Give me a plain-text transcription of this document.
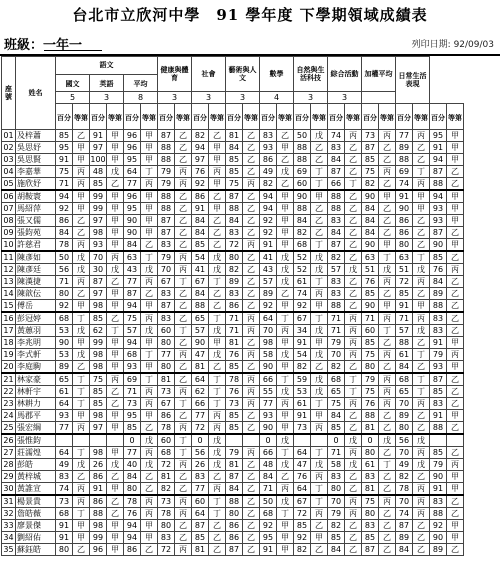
台北市立欣河中學　91 學年度 下學期領域成績表
班級：一年一	列印日期: 92/09/03
座號	姓名	語文						健康與體育		社會		藝術與人文		數學		自然與生活科技		綜合活動		加權平均		日常生活表現			
		國文		英語		平均																			
		5		3		8		3		3		3		4		3		3							
		百分	等第	百分	等第	百分	等第	百分	等第	百分	等第	百分	等第	百分	等第	百分	等第	百分	等第	百分	等第	百分	等第	百分	等第
01	及梓蕭	85	乙	91	甲	96	甲	87	乙	82	乙	81	乙	83	乙	50	戊	74	丙	73	丙	77	丙	95	甲
02	吳思妤	95	甲	97	甲	96	甲	88	乙	94	甲	84	乙	93	甲	88	乙	83	乙	87	乙	89	乙	91	甲
03	吳思賢	91	甲	100	甲	95	甲	88	乙	97	甲	85	乙	86	乙	88	乙	84	乙	85	乙	88	乙	94	甲
04	李嘉華	75	丙	48	戊	64	丁	79	丙	76	丙	85	乙	49	戊	69	丁	87	乙	75	丙	69	丁	87	乙
05	施欣妤	71	丙	85	乙	77	丙	79	丙	92	甲	75	丙	82	乙	60	丁	66	丁	82	乙	74	丙	88	乙
06	胡鞍寰	94	甲	99	甲	96	甲	88	乙	86	乙	87	乙	94	甲	90	甲	88	乙	90	甲	91	甲	94	甲
07	馬紹萍	92	甲	99	甲	95	甲	88	乙	91	甲	88	乙	94	甲	88	乙	88	乙	84	乙	90	甲	93	甲
08	張又儒	86	乙	97	甲	90	甲	87	乙	84	乙	84	乙	92	甲	84	乙	83	乙	84	乙	86	乙	93	甲
09	張鈞苑	84	乙	98	甲	90	甲	87	乙	84	乙	83	乙	92	甲	82	乙	84	乙	84	乙	86	乙	87	乙
10	許慈君	78	丙	93	甲	84	乙	83	乙	85	乙	72	丙	91	甲	68	丁	87	乙	90	甲	80	乙	90	甲
11	陳彥如	50	戊	70	丙	63	丁	79	丙	54	戊	80	乙	41	戊	52	戊	82	乙	63	丁	63	丁	85	乙
12	陳彥廷	56	戊	30	戊	43	戊	70	丙	41	戊	82	乙	43	戊	52	戊	57	戊	51	戊	51	戊	76	丙
13	陳漢捷	71	丙	87	乙	77	丙	67	丁	67	丁	89	乙	57	戊	61	丁	83	乙	76	丙	72	丙	84	乙
14	陳歆伝	80	乙	97	甲	87	乙	83	乙	84	乙	83	乙	89	乙	74	丙	83	乙	85	乙	85	乙	89	乙
15	傅岳	92	甲	98	甲	94	甲	87	乙	88	乙	86	乙	92	甲	92	甲	88	乙	90	甲	91	甲	88	乙
16	彭冠婷	68	丁	85	乙	75	丙	83	乙	65	丁	71	丙	64	丁	67	丁	71	丙	71	丙	71	丙	83	乙
17	黃蕙羽	53	戊	62	丁	57	戊	60	丁	57	戊	71	丙	70	丙	34	戊	71	丙	60	丁	57	戊	83	乙
18	李兆明	90	甲	99	甲	94	甲	80	乙	90	甲	81	乙	98	甲	91	甲	79	丙	85	乙	88	乙	91	甲
19	李式軒	53	戊	98	甲	68	丁	77	丙	47	戊	76	丙	58	戊	54	戊	70	丙	75	丙	61	丁	79	丙
20	李庭駒	89	乙	98	甲	93	甲	80	乙	81	乙	85	乙	90	甲	82	乙	82	乙	80	乙	84	乙	93	甲
21	林家豪	65	丁	75	丙	69	丁	81	乙	64	丁	78	丙	66	丁	59	戊	68	丁	79	丙	68	丁	87	乙
22	林軒宇	61	丁	85	乙	71	丙	73	丙	62	丁	76	丙	55	戊	53	戊	65	丁	75	丙	65	丁	85	乙
23	林耕力	64	丁	85	乙	73	丙	67	丁	66	丁	73	丙	77	丙	61	丁	75	丙	76	丙	70	丙	83	乙
24	馬郡平	93	甲	98	甲	95	甲	86	乙	77	丙	85	乙	93	甲	91	甲	84	乙	88	乙	89	乙	91	甲
25	張宏綱	77	丙	97	甲	85	乙	78	丙	72	丙	85	乙	90	甲	73	丙	85	乙	81	乙	80	乙	88	乙
26	張惟鈞					0	戊	60	丁	0	戊			0	戊			0	戊	0	戊	56	戊		
27	莊濡煌	64	丁	98	甲	77	丙	68	丁	56	戊	79	丙	66	丁	64	丁	71	丙	80	乙	70	丙	85	乙
28	彭皓	49	戊	26	戊	40	戊	72	丙	26	戊	81	乙	48	戊	47	戊	58	戊	61	丁	49	戊	79	丙
29	黃梓城	83	乙	86	乙	84	乙	81	乙	83	乙	87	乙	84	乙	76	丙	83	乙	83	乙	82	乙	90	甲
30	黃誰宣	74	丙	91	甲	80	乙	82	乙	77	丙	84	乙	71	丙	64	丁	80	乙	81	乙	78	丙	91	甲
31	楊景貴	73	丙	86	乙	78	丙	73	丙	60	丁	88	乙	50	戊	67	丁	70	丙	75	丙	70	丙	83	乙
32	詹皓薇	68	丁	88	乙	76	丙	78	丙	64	丁	80	乙	68	丁	72	丙	79	丙	80	乙	74	丙	88	乙
33	廖景傑	91	甲	98	甲	94	甲	80	乙	87	乙	86	乙	92	甲	85	乙	82	乙	83	乙	87	乙	92	甲
34	劉紹佑	91	甲	99	甲	94	甲	83	乙	85	乙	86	乙	95	甲	92	甲	85	乙	85	乙	89	乙	90	甲
35	蘇鈺皓	80	乙	96	甲	86	乙	72	丙	81	乙	87	乙	91	甲	82	乙	84	乙	87	乙	84	乙	89	乙
